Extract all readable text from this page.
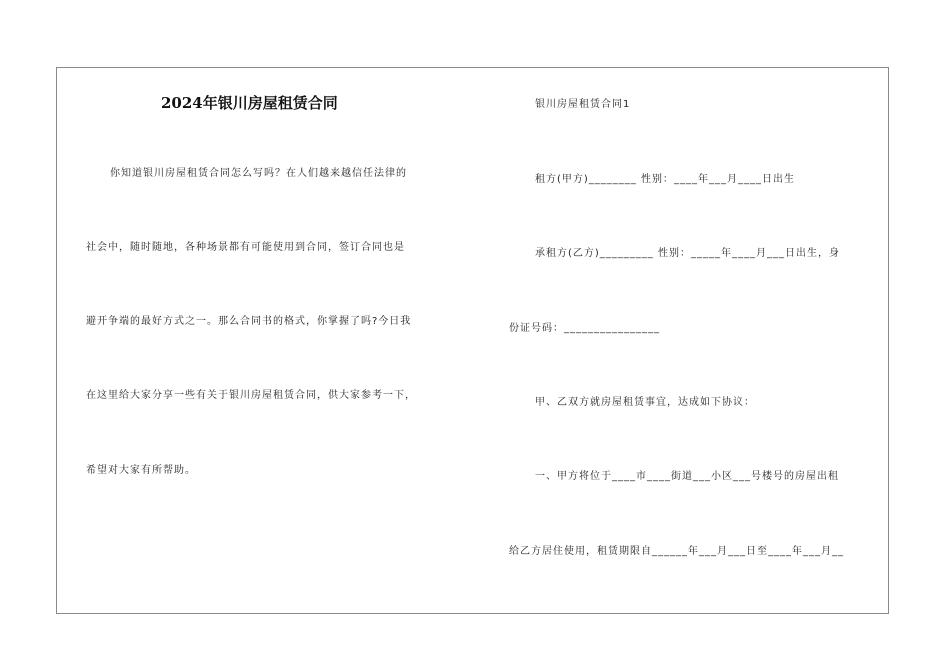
2024年银川房屋租赁合同
你知道银川房屋租赁合同怎么写吗？在人们越来越信任法律的
社会中，随时随地，各种场景都有可能使用到合同，签订合同也是
避开争端的最好方式之一。那么合同书的格式，你掌握了吗?今日我
在这里给大家分享一些有关于银川房屋租赁合同，供大家参考一下，
希望对大家有所帮助。
银川房屋租赁合同1
租方(甲方)________ 性别：____年___月____日出生
承租方(乙方)_________ 性别：_____年____月___日出生，身
份证号码：________________
甲、乙双方就房屋租赁事宜，达成如下协议：
一、甲方将位于____市____街道___小区___号楼号的房屋出租
给乙方居住使用，租赁期限自______年___月___日至____年___月__
